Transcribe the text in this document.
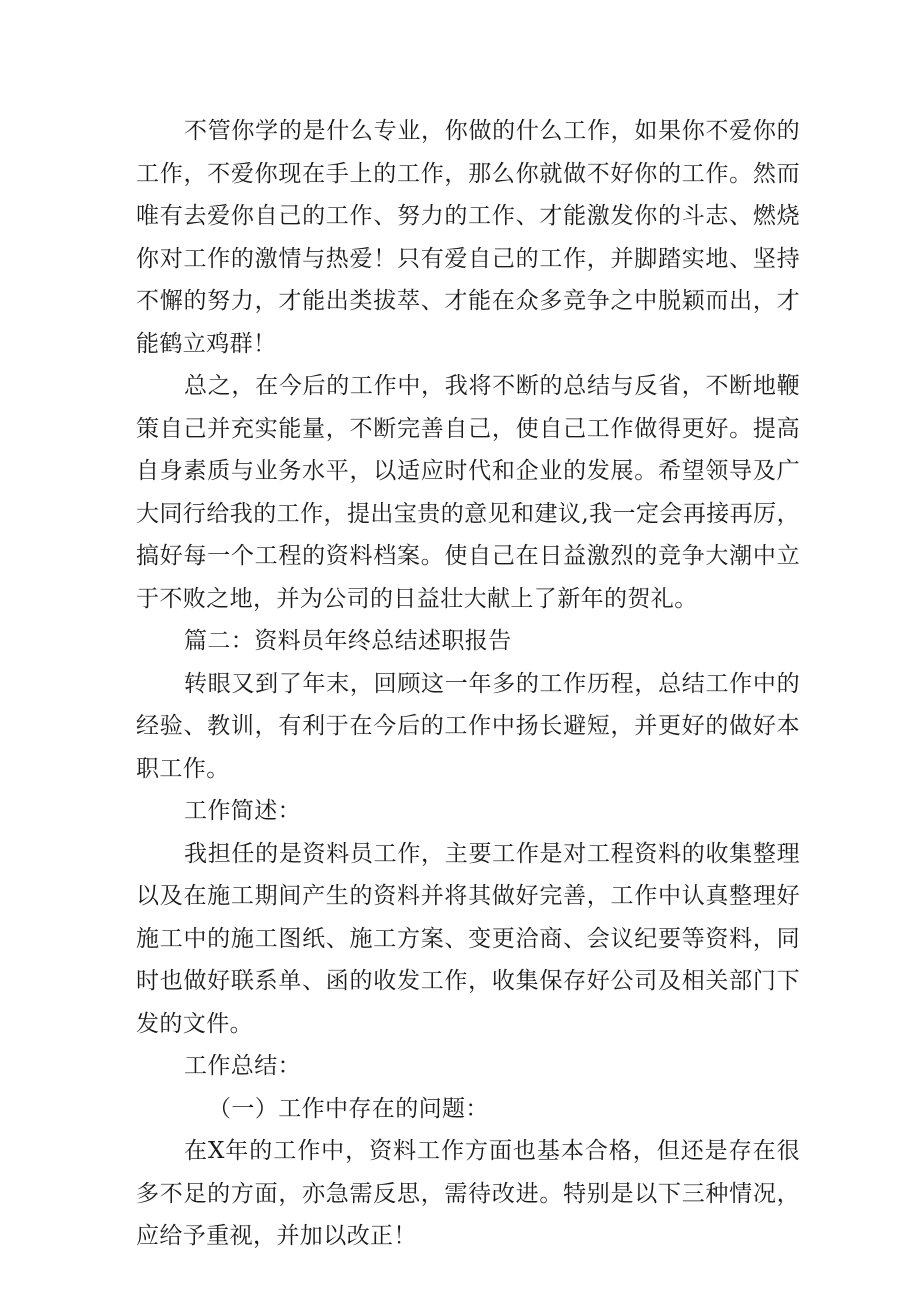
不管你学的是什么专业，你做的什么工作，如果你不爱你的工作，不爱你现在手上的工作，那么你就做不好你的工作。然而唯有去爱你自己的工作、努力的工作、才能激发你的斗志、燃烧你对工作的激情与热爱！只有爱自己的工作，并脚踏实地、坚持不懈的努力，才能出类拔萃、才能在众多竞争之中脱颖而出，才能鹤立鸡群！

总之，在今后的工作中，我将不断的总结与反省，不断地鞭策自己并充实能量，不断完善自己，使自己工作做得更好。提高自身素质与业务水平，以适应时代和企业的发展。希望领导及广大同行给我的工作，提出宝贵的意见和建议,我一定会再接再厉，搞好每一个工程的资料档案。使自己在日益激烈的竞争大潮中立于不败之地，并为公司的日益壮大献上了新年的贺礼。

篇二：资料员年终总结述职报告

转眼又到了年末，回顾这一年多的工作历程，总结工作中的经验、教训，有利于在今后的工作中扬长避短，并更好的做好本职工作。

工作简述：

我担任的是资料员工作，主要工作是对工程资料的收集整理以及在施工期间产生的资料并将其做好完善，工作中认真整理好施工中的施工图纸、施工方案、变更洽商、会议纪要等资料，同时也做好联系单、函的收发工作，收集保存好公司及相关部门下发的文件。

工作总结：

（一）工作中存在的问题：

在X年的工作中，资料工作方面也基本合格，但还是存在很多不足的方面，亦急需反思，需待改进。特别是以下三种情况，应给予重视，并加以改正！
